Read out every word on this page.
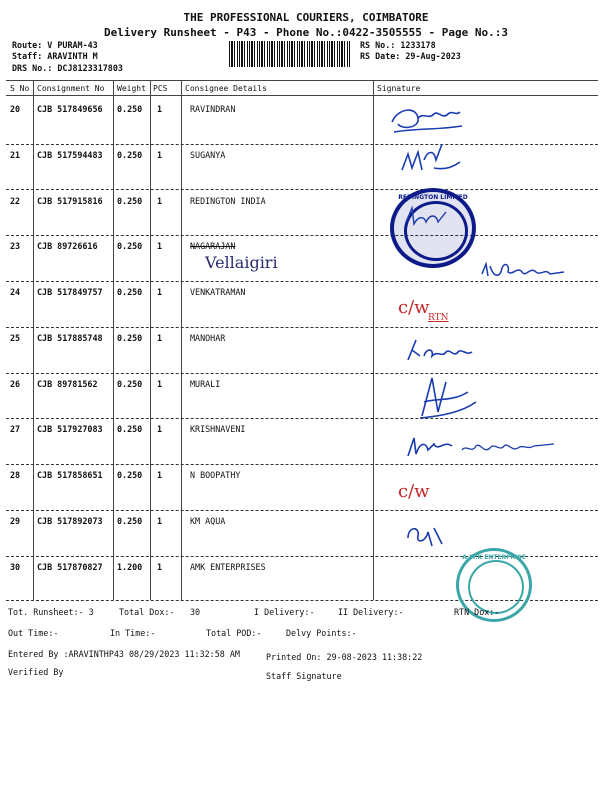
THE PROFESSIONAL COURIERS, COIMBATORE
Delivery Runsheet - P43 - Phone No.:0422-3505555 - Page No.:3
Route: V PURAM-43
Staff: ARAVINTH M
DRS No.: DCJ8123317803
RS No.: 1233178
RS Date: 29-Aug-2023
S No Consignment No Weight PCS Consignee Details	Signature
20 CJB 517849656 0.250 1	RAVINDRAN
21 CJB 517594483 0.250 1	SUGANYA
22 CJB 517915816 0.250 1	REDINGTON INDIA
23 CJB 89726616 0.250 1	NAGARAJAN
24 CJB 517849757 0.250 1	VENKATRAMAN
25 CJB 517885748 0.250 1	MANOHAR
26 CJB 89781562 0.250 1	MURALI
27 CJB 517927083 0.250 1	KRISHNAVENI
28 CJB 517858651 0.250 1	N BOOPATHY
29 CJB 517892073 0.250 1	KM AQUA
30 CJB 517870827 1.200 1	AMK ENTERPRISES
REDINGTON LIMITED
Vellaigiri
c/w
RTN
c/w
A.M.K ENTERPRISE
Tot. Runsheet:- 3	Total Dox:- 30	I Delivery:-	II Delivery:-	RTN Dox:-
Out Time:-	In Time:-	Total POD:-	Delvy Points:-
Entered By :ARAVINTHP43 08/29/2023 11:32:58 AM	Printed On: 29-08-2023 11:38:22
Verified By	Staff Signature
